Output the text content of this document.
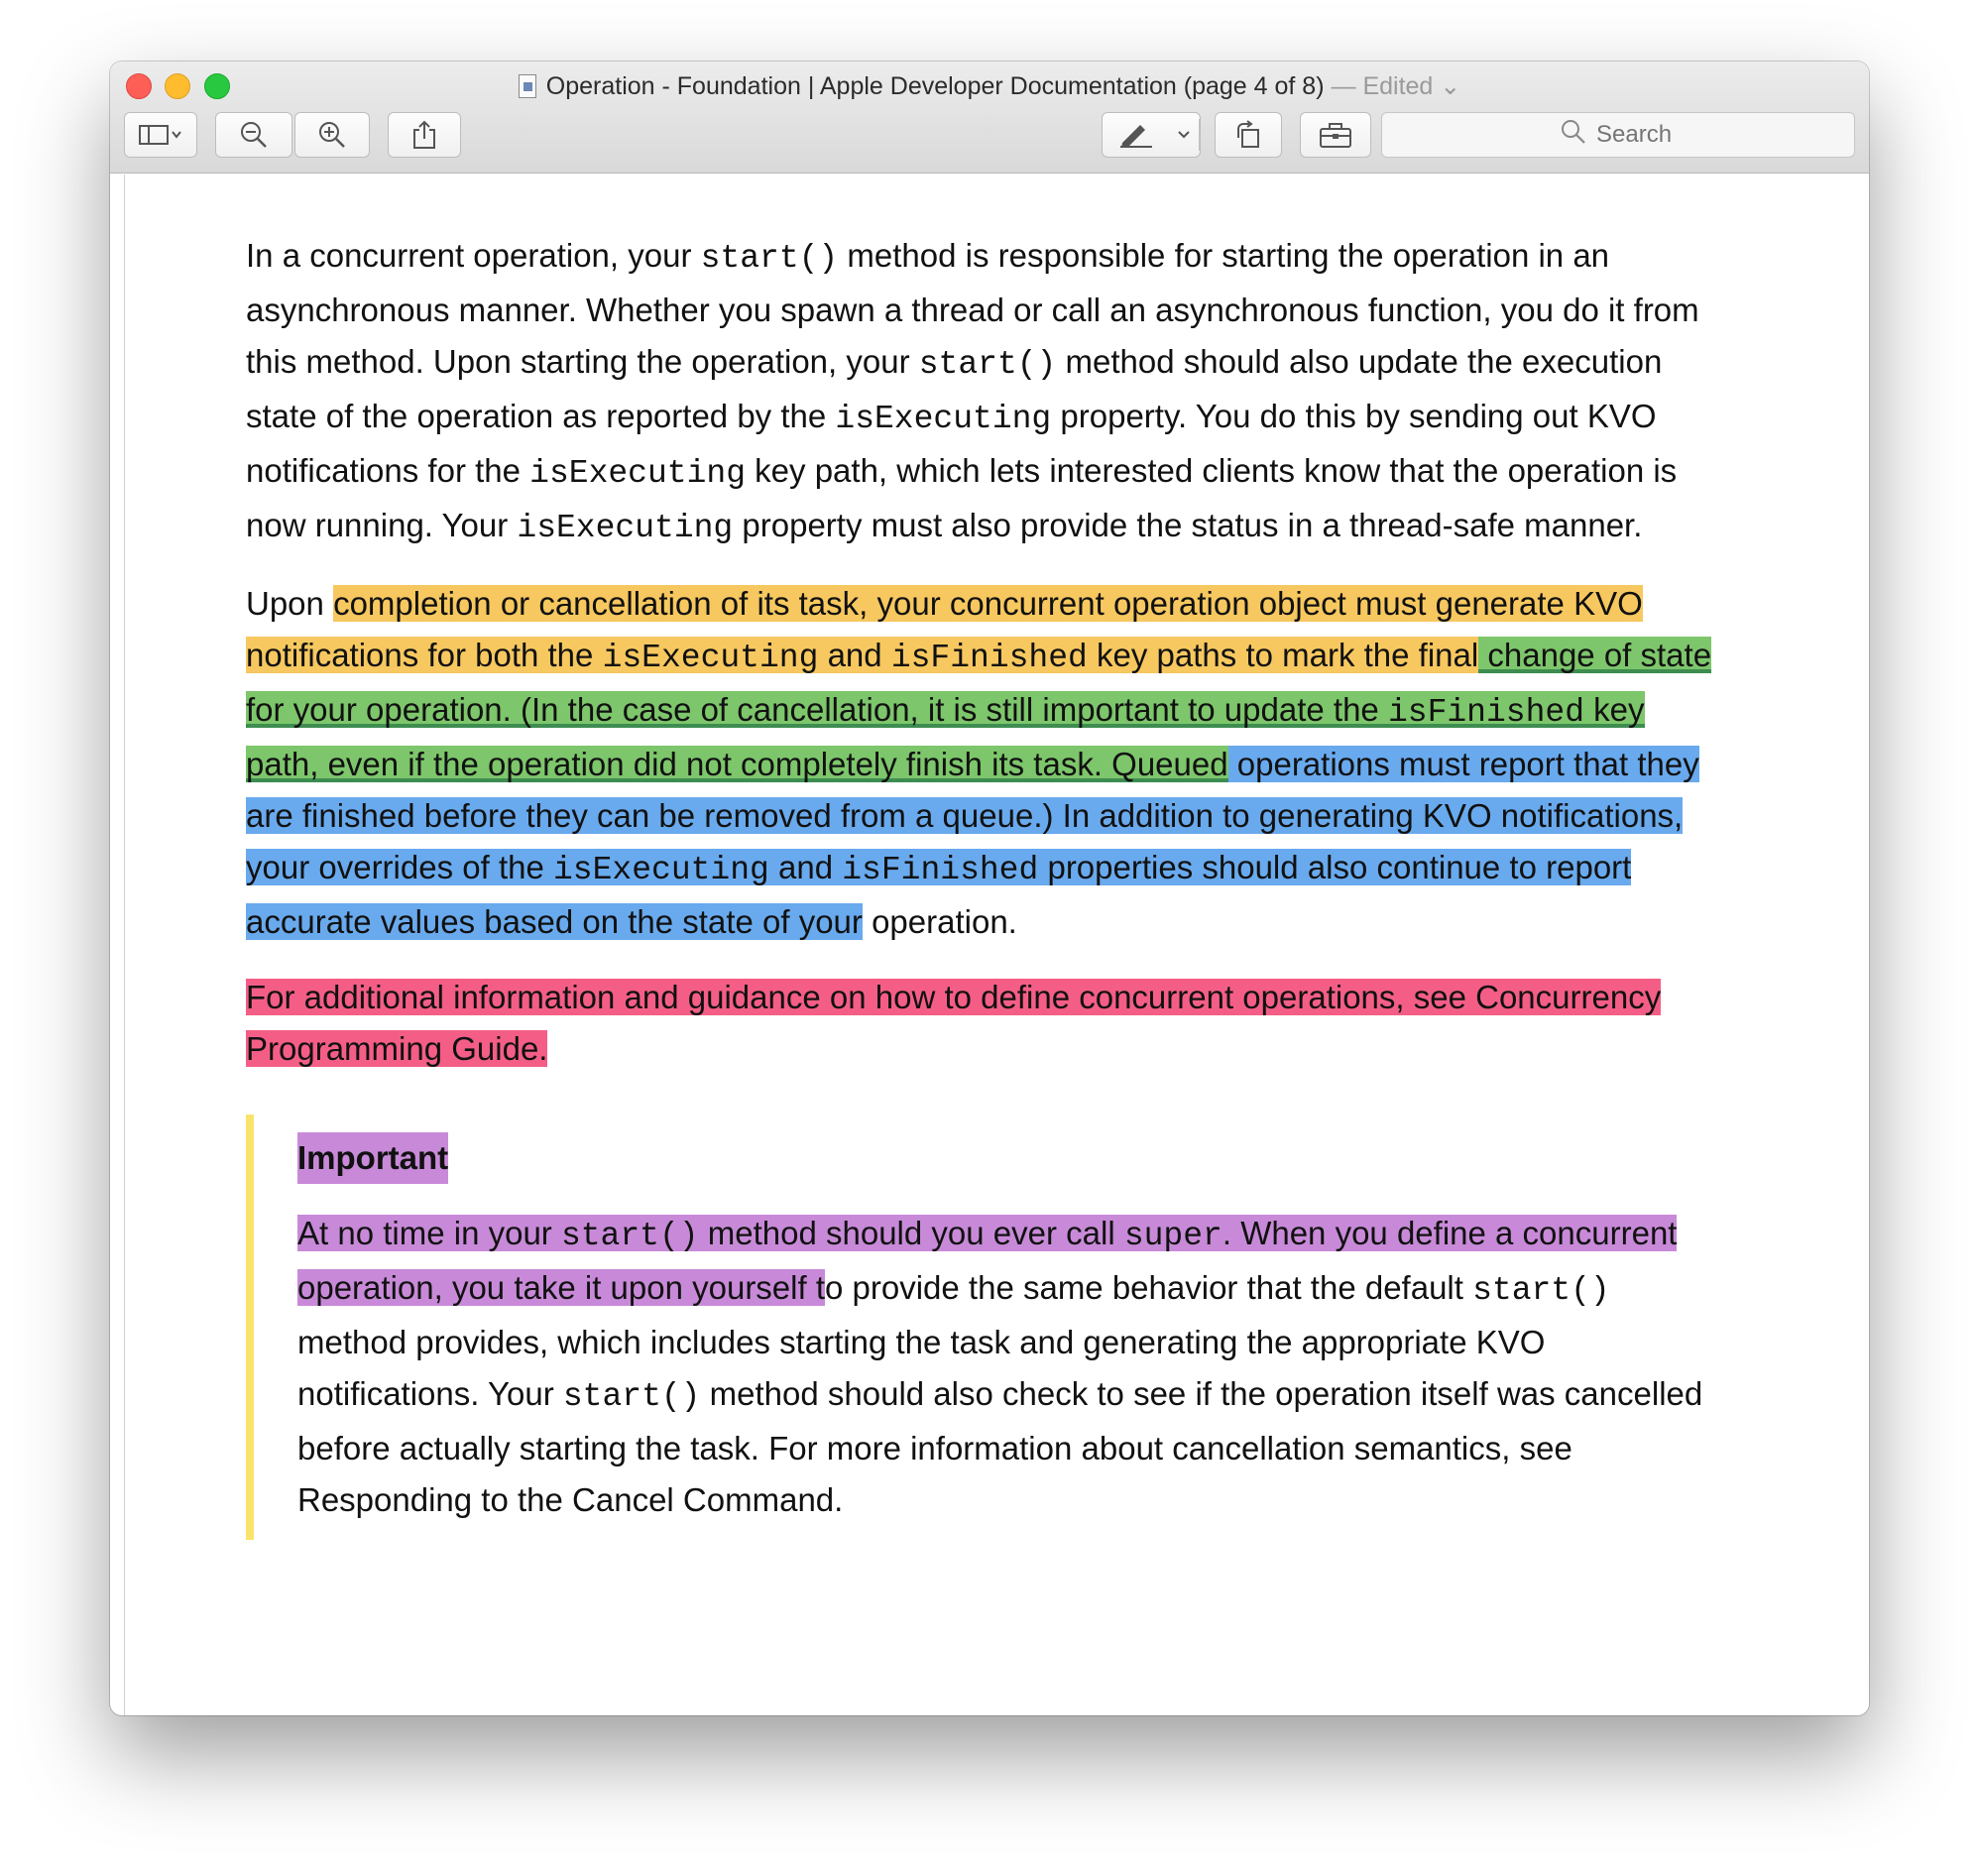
Operation - Foundation | Apple Developer Documentation (page 4 of 8) — Edited ⌄
Search

In a concurrent operation, your start() method is responsible for starting the operation in an asynchronous manner. Whether you spawn a thread or call an asynchronous function, you do it from this method. Upon starting the operation, your start() method should also update the execution state of the operation as reported by the isExecuting property. You do this by sending out KVO notifications for the isExecuting key path, which lets interested clients know that the operation is now running. Your isExecuting property must also provide the status in a thread-safe manner.

Upon completion or cancellation of its task, your concurrent operation object must generate KVO notifications for both the isExecuting and isFinished key paths to mark the final change of state for your operation. (In the case of cancellation, it is still important to update the isFinished key path, even if the operation did not completely finish its task. Queued operations must report that they are finished before they can be removed from a queue.) In addition to generating KVO notifications, your overrides of the isExecuting and isFinished properties should also continue to report accurate values based on the state of your operation.

For additional information and guidance on how to define concurrent operations, see Concurrency Programming Guide.

Important

At no time in your start() method should you ever call super. When you define a concurrent operation, you take it upon yourself to provide the same behavior that the default start() method provides, which includes starting the task and generating the appropriate KVO notifications. Your start() method should also check to see if the operation itself was cancelled before actually starting the task. For more information about cancellation semantics, see Responding to the Cancel Command.
